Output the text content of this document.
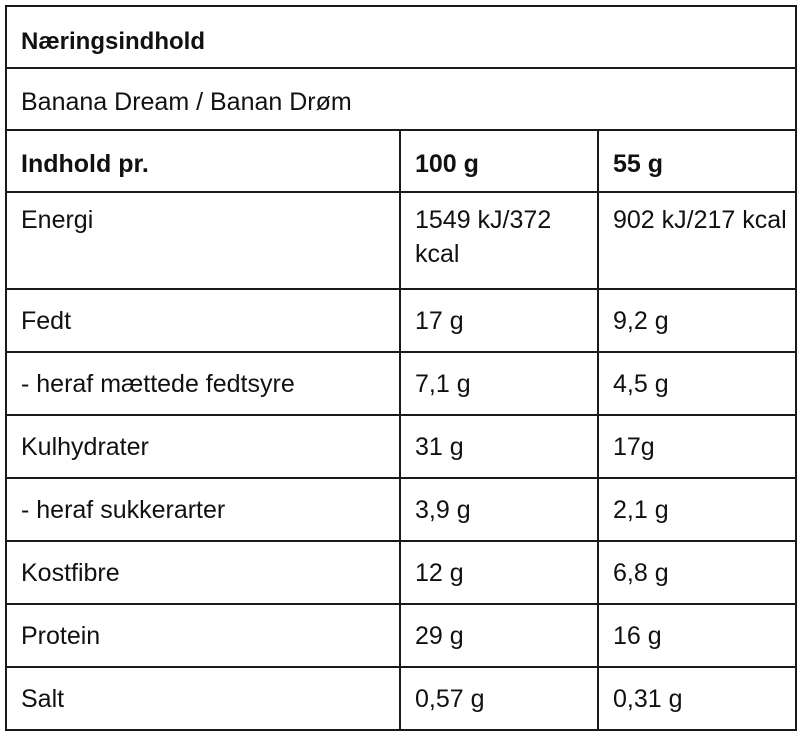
Næringsindhold		
Banana Dream / Banan Drøm		
Indhold pr.	100 g	55 g
Energi	1549 kJ/372 kcal	902 kJ/217 kcal
Fedt	17 g	9,2 g
- heraf mættede fedtsyre	7,1 g	4,5 g
Kulhydrater	31 g	17g
- heraf sukkerarter	3,9 g	2,1 g
Kostfibre	12 g	6,8 g
Protein	29 g	16 g
Salt	0,57 g	0,31 g
